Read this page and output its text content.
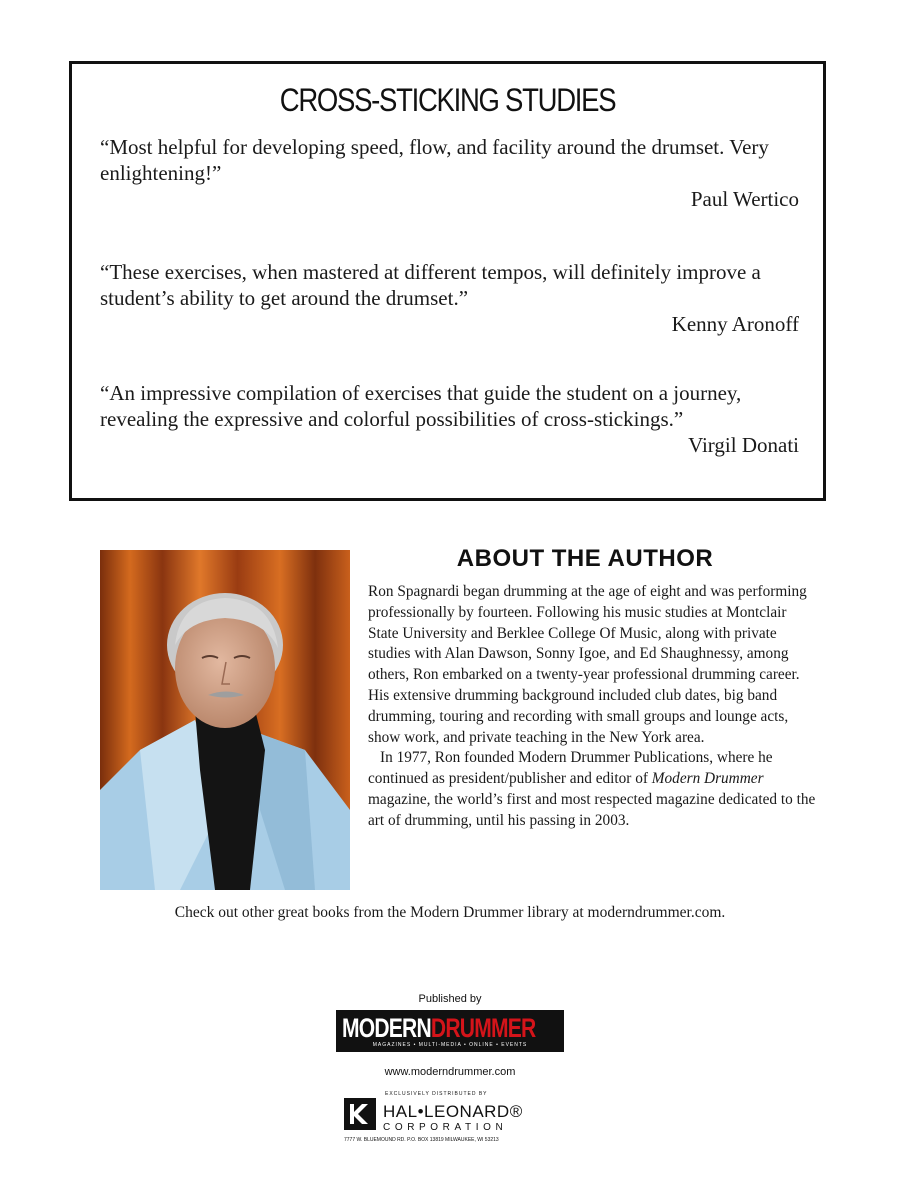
CROSS-STICKING STUDIES
“Most helpful for developing speed, flow, and facility around the drumset. Very enlightening!”
Paul Wertico
“These exercises, when mastered at different tempos, will definitely improve a student’s ability to get around the drumset.”
Kenny Aronoff
“An impressive compilation of exercises that guide the student on a journey, revealing the expressive and colorful possibilities of cross-stickings.”
Virgil Donati
ABOUT THE AUTHOR

Ron Spagnardi began drumming at the age of eight and was performing professionally by fourteen. Following his music studies at Montclair State University and Berklee College Of Music, along with private studies with Alan Dawson, Sonny Igoe, and Ed Shaughnessy, among others, Ron embarked on a twenty-year professional drumming career. His extensive drumming background included club dates, big band drumming, touring and recording with small groups and lounge acts, show work, and private teaching in the New York area.

In 1977, Ron founded Modern Drummer Publications, where he continued as president/publisher and editor of Modern Drummer magazine, the world’s first and most respected magazine dedicated to the art of drumming, until his passing in 2003.

Check out other great books from the Modern Drummer library at moderndrummer.com.
Published by
MODERNDRUMMER
MAGAZINES • MULTI-MEDIA • ONLINE • EVENTS
www.moderndrummer.com
EXCLUSIVELY DISTRIBUTED BY
HAL•LEONARD®
CORPORATION
7777 W. BLUEMOUND RD. P.O. BOX 13819 MILWAUKEE, WI 53213
